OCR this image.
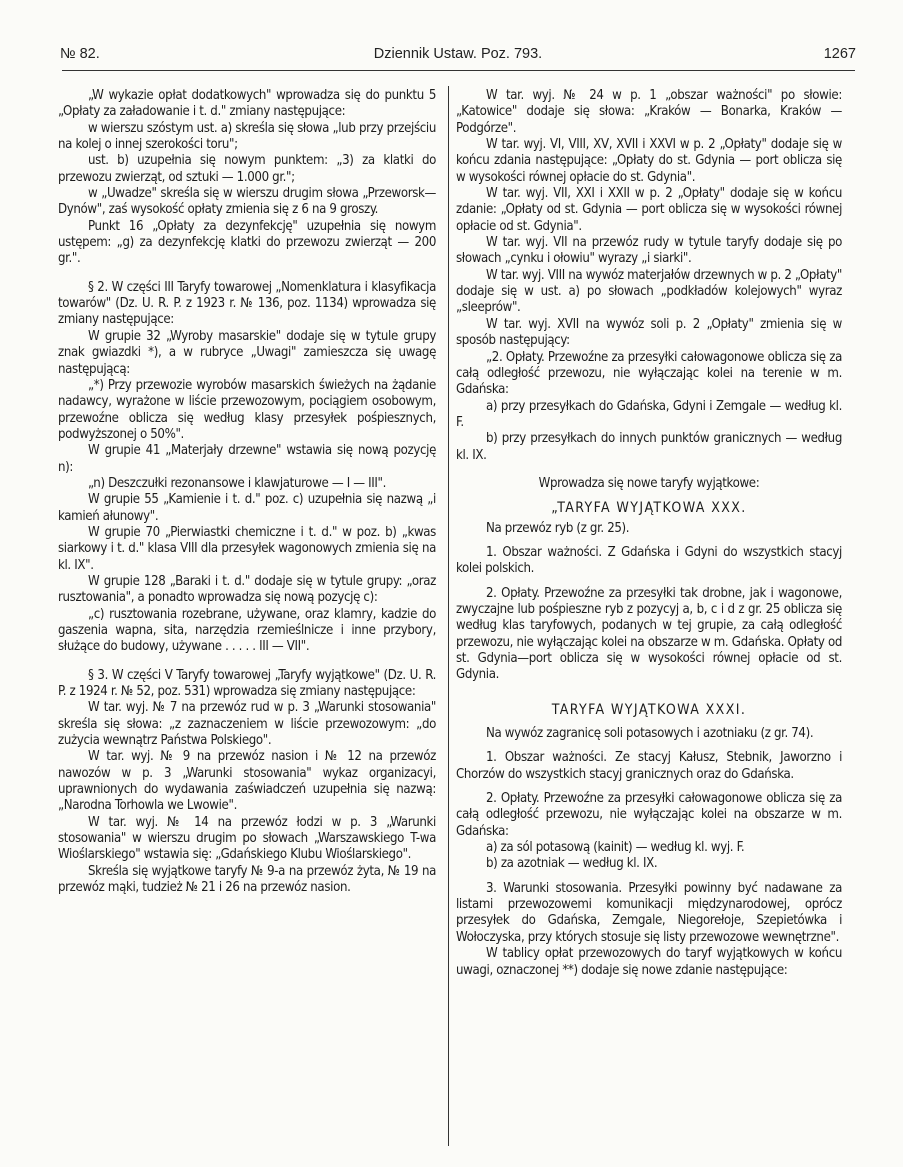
№ 82.	Dziennik Ustaw. Poz. 793.	1267

„W wykazie opłat dodatkowych" wprowadza się do punktu 5 „Opłaty za załadowanie i t. d." zmiany następujące:

w wierszu szóstym ust. a) skreśla się słowa „lub przy przejściu na kolej o innej szerokości toru";

ust. b) uzupełnia się nowym punktem: „3) za klatki do przewozu zwierząt, od sztuki — 1.000 gr.";

w „Uwadze" skreśla się w wierszu drugim słowa „Przeworsk—Dynów", zaś wysokość opłaty zmienia się z 6 na 9 groszy.

Punkt 16 „Opłaty za dezynfekcję" uzupełnia się nowym ustępem: „g) za dezynfekcję klatki do przewozu zwierząt — 200 gr.".

§ 2. W części III Taryfy towarowej „Nomenklatura i klasyfikacja towarów" (Dz. U. R. P. z 1923 r. № 136, poz. 1134) wprowadza się zmiany następujące:

W grupie 32 „Wyroby masarskie" dodaje się w tytule grupy znak gwiazdki *), a w rubryce „Uwagi" zamieszcza się uwagę następującą:

„*) Przy przewozie wyrobów masarskich świeżych na żądanie nadawcy, wyrażone w liście przewozowym, pociągiem osobowym, przewoźne oblicza się według klasy przesyłek pośpiesznych, podwyższonej o 50%".

W grupie 41 „Materjały drzewne" wstawia się nową pozycję n):

„n) Deszczułki rezonansowe i klawjaturowe — I — III".

W grupie 55 „Kamienie i t. d." poz. c) uzupełnia się nazwą „i kamień ałunowy".

W grupie 70 „Pierwiastki chemiczne i t. d." w poz. b) „kwas siarkowy i t. d." klasa VIII dla przesyłek wagonowych zmienia się na kl. IX".

W grupie 128 „Baraki i t. d." dodaje się w tytule grupy: „oraz rusztowania", a ponadto wprowadza się nową pozycję c):

„c) rusztowania rozebrane, używane, oraz klamry, kadzie do gaszenia wapna, sita, narzędzia rzemieślnicze i inne przybory, służące do budowy, używane . . . . . III — VII".

§ 3. W części V Taryfy towarowej „Taryfy wyjątkowe" (Dz. U. R. P. z 1924 r. № 52, poz. 531) wprowadza się zmiany następujące:

W tar. wyj. № 7 na przewóz rud w p. 3 „Warunki stosowania" skreśla się słowa: „z zaznaczeniem w liście przewozowym: „do zużycia wewnątrz Państwa Polskiego".

W tar. wyj. № 9 na przewóz nasion i № 12 na przewóz nawozów w p. 3 „Warunki stosowania" wykaz organizacyi, uprawnionych do wydawania zaświadczeń uzupełnia się nazwą: „Narodna Torhowla we Lwowie".

W tar. wyj. № 14 na przewóz łodzi w p. 3 „Warunki stosowania" w wierszu drugim po słowach „Warszawskiego T-wa Wioślarskiego" wstawia się: „Gdańskiego Klubu Wioślarskiego".

Skreśla się wyjątkowe taryfy № 9-a na przewóz żyta, № 19 na przewóz mąki, tudzież № 21 i 26 na przewóz nasion.

W tar. wyj. № 24 w p. 1 „obszar ważności" po słowie: „Katowice" dodaje się słowa: „Kraków — Bonarka, Kraków — Podgórze".

W tar. wyj. VI, VIII, XV, XVII i XXVI w p. 2 „Opłaty" dodaje się w końcu zdania następujące: „Opłaty do st. Gdynia — port oblicza się w wysokości równej opłacie do st. Gdynia".

W tar. wyj. VII, XXI i XXII w p. 2 „Opłaty" dodaje się w końcu zdanie: „Opłaty od st. Gdynia — port oblicza się w wysokości równej opłacie od st. Gdynia".

W tar. wyj. VII na przewóz rudy w tytule taryfy dodaje się po słowach „cynku i ołowiu" wyrazy „i siarki".

W tar. wyj. VIII na wywóz materjałów drzewnych w p. 2 „Opłaty" dodaje się w ust. a) po słowach „podkładów kolejowych" wyraz „sleeprów".

W tar. wyj. XVII na wywóz soli p. 2 „Opłaty" zmienia się w sposób następujący:

„2. Opłaty. Przewoźne za przesyłki całowagonowe oblicza się za całą odległość przewozu, nie wyłączając kolei na terenie w m. Gdańska:

a) przy przesyłkach do Gdańska, Gdyni i Zemgale — według kl. F.

b) przy przesyłkach do innych punktów granicznych — według kl. IX.

Wprowadza się nowe taryfy wyjątkowe:

„TARYFA WYJĄTKOWA XXX.

Na przewóz ryb (z gr. 25).

1. Obszar ważności. Z Gdańska i Gdyni do wszystkich stacyj kolei polskich.

2. Opłaty. Przewoźne za przesyłki tak drobne, jak i wagonowe, zwyczajne lub pośpieszne ryb z pozycyj a, b, c i d z gr. 25 oblicza się według klas taryfowych, podanych w tej grupie, za całą odległość przewozu, nie wyłączając kolei na obszarze w m. Gdańska. Opłaty od st. Gdynia—port oblicza się w wysokości równej opłacie od st. Gdynia.

TARYFA WYJĄTKOWA XXXI.

Na wywóz zagranicę soli potasowych i azotniaku (z gr. 74).

1. Obszar ważności. Ze stacyj Kałusz, Stebnik, Jaworzno i Chorzów do wszystkich stacyj granicznych oraz do Gdańska.

2. Opłaty. Przewoźne za przesyłki całowagonowe oblicza się za całą odległość przewozu, nie wyłączając kolei na obszarze w m. Gdańska:

a) za sól potasową (kainit) — według kl. wyj. F.

b) za azotniak — według kl. IX.

3. Warunki stosowania. Przesyłki powinny być nadawane za listami przewozowemi komunikacji międzynarodowej, oprócz przesyłek do Gdańska, Zemgale, Niegorełoje, Szepietówka i Wołoczyska, przy których stosuje się listy przewozowe wewnętrzne".

W tablicy opłat przewozowych do taryf wyjątkowych w końcu uwagi, oznaczonej **) dodaje się nowe zdanie następujące:
